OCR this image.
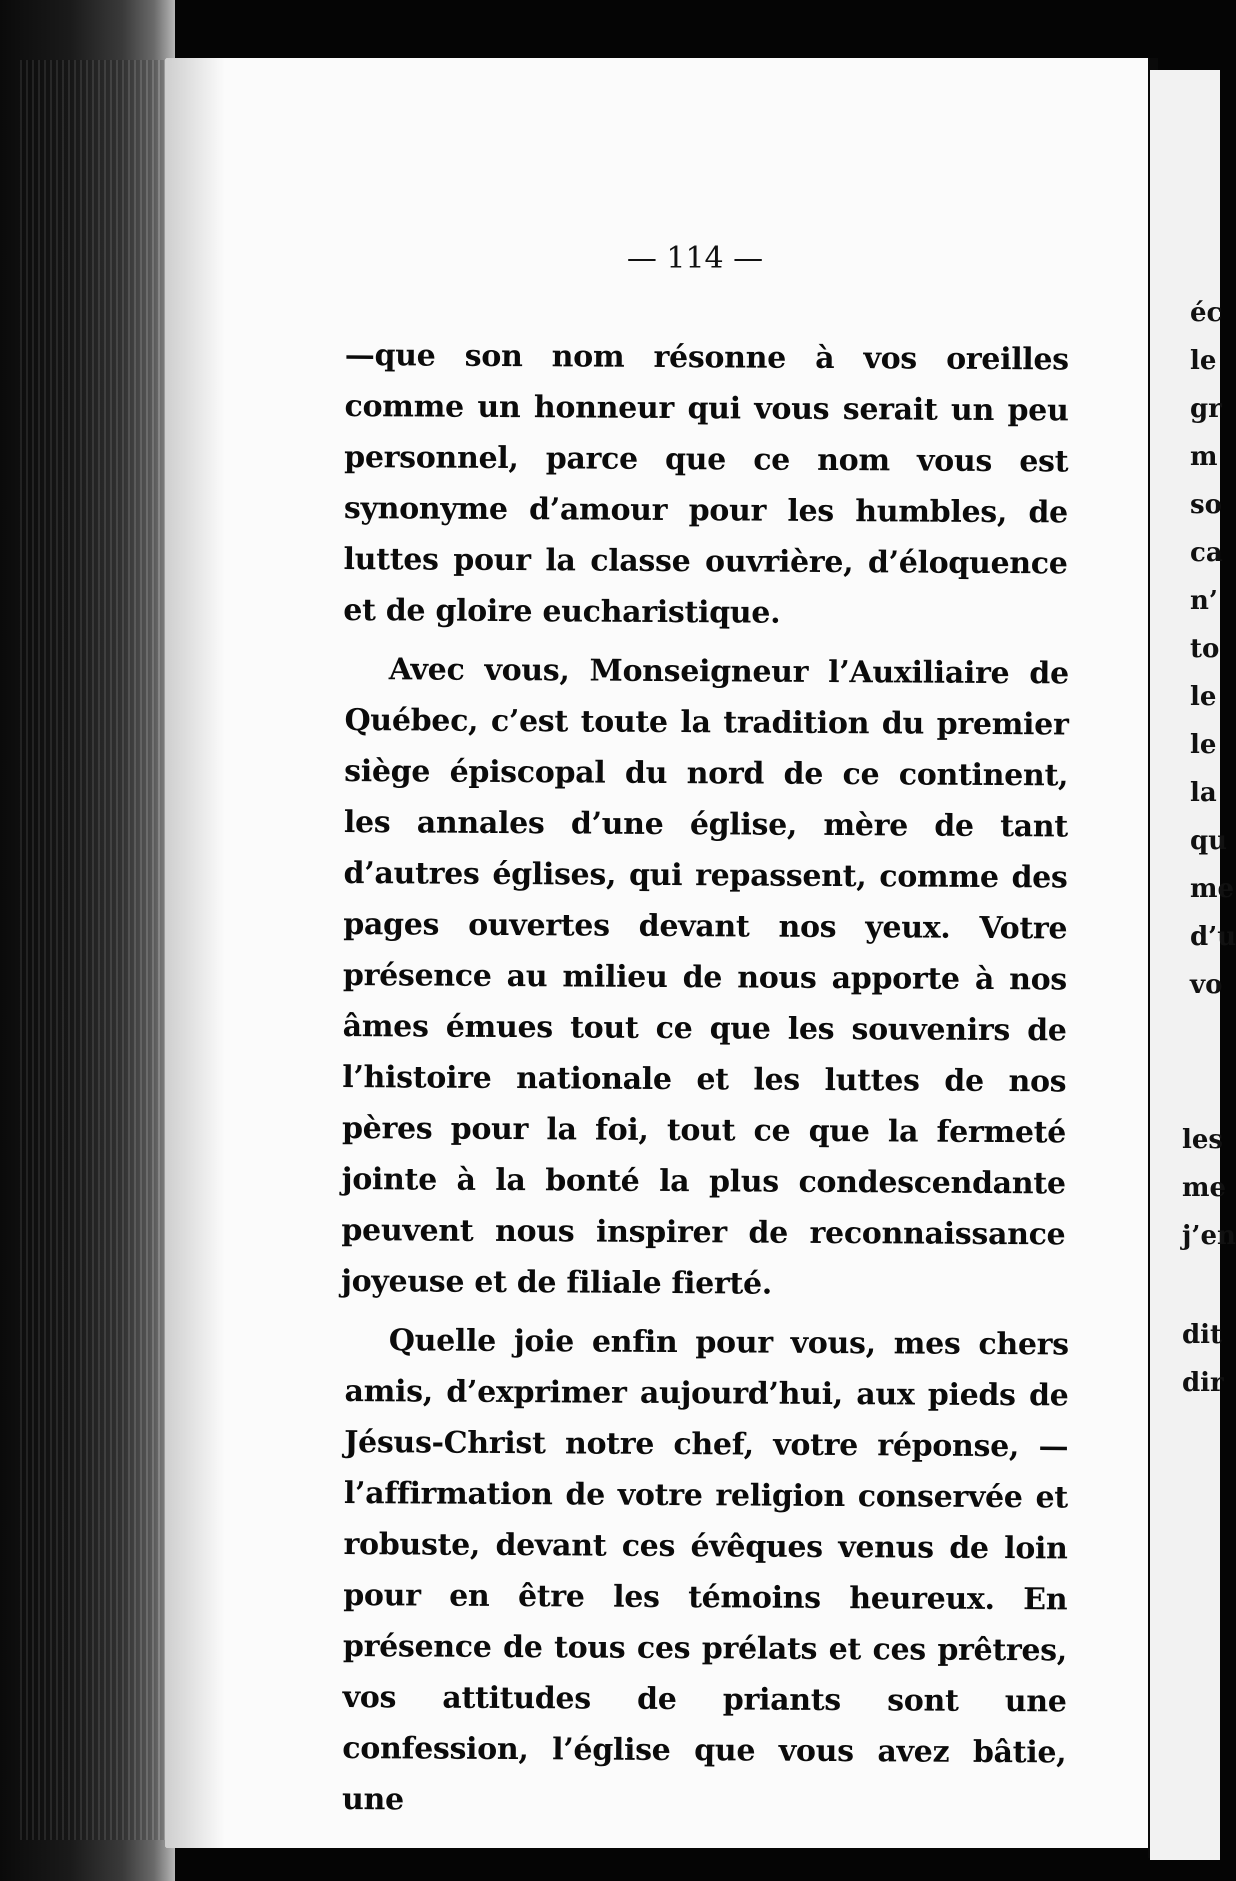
— 114 —

—que son nom résonne à vos oreilles comme un honneur qui vous serait un peu personnel, parce que ce nom vous est synonyme d’amour pour les humbles, de luttes pour la classe ouvrière, d’éloquence et de gloire eucharistique.

Avec vous, Monseigneur l’Auxiliaire de Québec, c’est toute la tradition du premier siège épiscopal du nord de ce continent, les annales d’une église, mère de tant d’autres églises, qui repassent, comme des pages ouvertes devant nos yeux. Votre présence au milieu de nous apporte à nos âmes émues tout ce que les souvenirs de l’histoire nationale et les luttes de nos pères pour la foi, tout ce que la fermeté jointe à la bonté la plus condescendante peuvent nous inspirer de reconnaissance joyeuse et de filiale fierté.

Quelle joie enfin pour vous, mes chers amis, d’exprimer aujourd’hui, aux pieds de Jésus-Christ notre chef, votre réponse, —l’affirmation de votre religion conservée et robuste, devant ces évêques venus de loin pour en être les témoins heureux. En présence de tous ces prélats et ces prêtres, vos attitudes de priants sont une confession, l’église que vous avez bâtie, une

éc
le
gr
m
so
ca
n’
to
le
le
la
qu
me
d’u
vo
les
me
j’en
dit
dir
